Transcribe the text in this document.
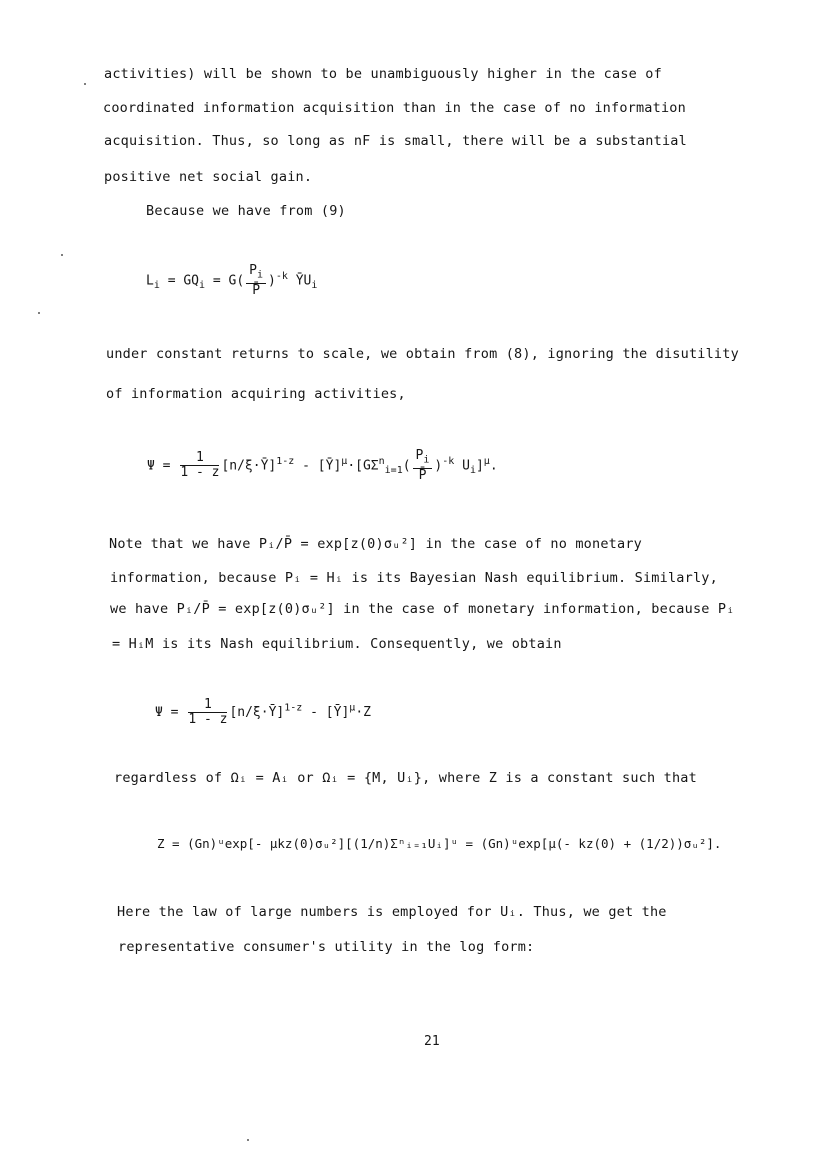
activities) will be shown to be unambiguously higher in the case of
coordinated information acquisition than in the case of no information
acquisition. Thus, so long as nF is small, there will be a substantial
positive net social gain.
Because we have from (9)
$L_i = GQ_i = G( \frac{P_i}{P̄} )^{-k}$ $ȲU_i$
under constant returns to scale, we obtain from (8), ignoring the disutility
of information acquiring activities,
$\Psi = \frac{1}{1 - z}$ [n/ξ·Ȳ]$^{1-z}$ - $[Ȳ]^\mu\cdot[G\Sigma^n_{i=1}( \frac{P_i}{P̄} )^{-k}$ $U_i]^\mu$.
Note that we have Pᵢ/P̄ = exp[z(0)σᵤ²] in the case of no monetary
information, because Pᵢ = Hᵢ is its Bayesian Nash equilibrium. Similarly,
we have Pᵢ/P̄ = exp[z(0)σᵤ²] in the case of monetary information, because Pᵢ
= HᵢM is its Nash equilibrium. Consequently, we obtain
$\Psi = \frac{1}{1 - z}$ [n/ξ·Ȳ]$^{1-z}$ - [Ȳ]$^\mu$·Z
regardless of Ωᵢ = Aᵢ or Ωᵢ = {M, Uᵢ}, where Z is a constant such that
Z = (Gn)ᵘexp[- μkz(0)σᵤ²][(1/n)Σⁿᵢ₌₁Uᵢ]ᵘ = (Gn)ᵘexp[μ(- kz(0) + (1/2))σᵤ²].
Here the law of large numbers is employed for Uᵢ. Thus, we get the
representative consumer's utility in the log form:
21
